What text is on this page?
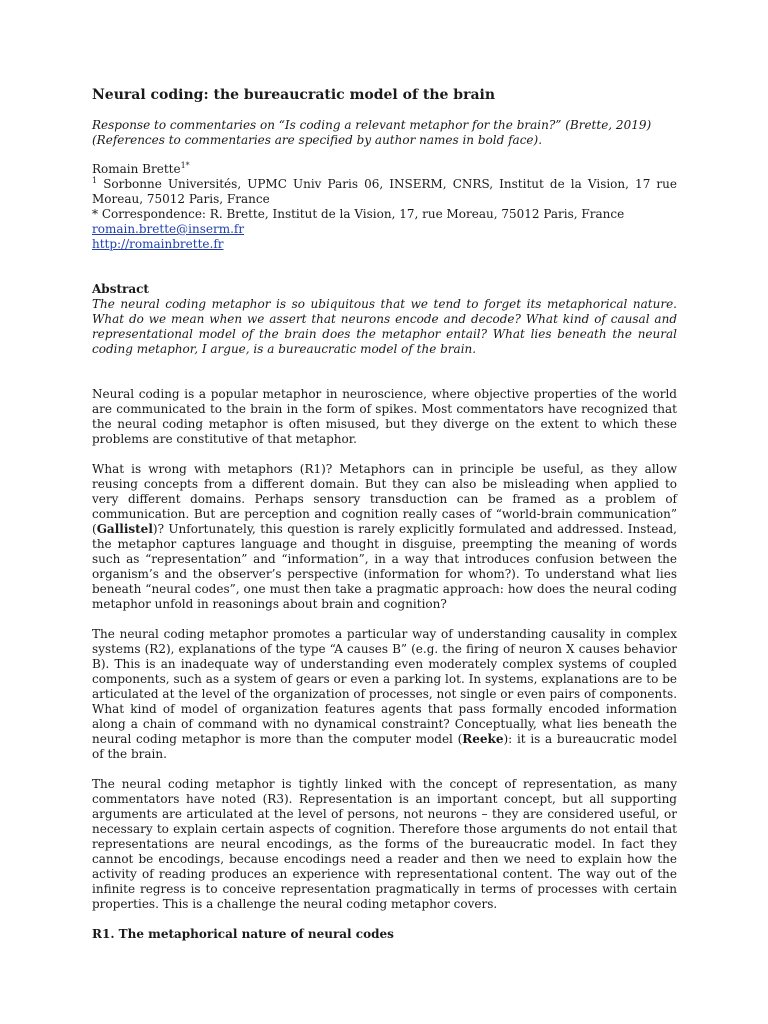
Neural coding: the bureaucratic model of the brain
Response to commentaries on “Is coding a relevant metaphor for the brain?” (Brette, 2019)
(References to commentaries are specified by author names in bold face).
Romain Brette$^{1*}$
$^1$ Sorbonne Universités, UPMC Univ Paris 06, INSERM, CNRS, Institut de la Vision, 17 rue Moreau, 75012 Paris, France
* Correspondence: R. Brette, Institut de la Vision, 17, rue Moreau, 75012 Paris, France
romain.brette@inserm.fr
http://romainbrette.fr
Abstract
The neural coding metaphor is so ubiquitous that we tend to forget its metaphorical nature. What do we mean when we assert that neurons encode and decode? What kind of causal and representational model of the brain does the metaphor entail? What lies beneath the neural coding metaphor, I argue, is a bureaucratic model of the brain.

Neural coding is a popular metaphor in neuroscience, where objective properties of the world are communicated to the brain in the form of spikes. Most commentators have recognized that the neural coding metaphor is often misused, but they diverge on the extent to which these problems are constitutive of that metaphor.

What is wrong with metaphors (R1)? Metaphors can in principle be useful, as they allow reusing concepts from a different domain. But they can also be misleading when applied to very different domains. Perhaps sensory transduction can be framed as a problem of communication. But are perception and cognition really cases of “world-brain communication” (Gallistel)? Unfortunately, this question is rarely explicitly formulated and addressed. Instead, the metaphor captures language and thought in disguise, preempting the meaning of words such as “representation” and “information”, in a way that introduces confusion between the organism’s and the observer’s perspective (information for whom?). To understand what lies beneath “neural codes”, one must then take a pragmatic approach: how does the neural coding metaphor unfold in reasonings about brain and cognition?

The neural coding metaphor promotes a particular way of understanding causality in complex systems (R2), explanations of the type “A causes B” (e.g. the firing of neuron X causes behavior B). This is an inadequate way of understanding even moderately complex systems of coupled components, such as a system of gears or even a parking lot. In systems, explanations are to be articulated at the level of the organization of processes, not single or even pairs of components. What kind of model of organization features agents that pass formally encoded information along a chain of command with no dynamical constraint? Conceptually, what lies beneath the neural coding metaphor is more than the computer model (Reeke): it is a bureaucratic model of the brain.

The neural coding metaphor is tightly linked with the concept of representation, as many commentators have noted (R3). Representation is an important concept, but all supporting arguments are articulated at the level of persons, not neurons – they are considered useful, or necessary to explain certain aspects of cognition. Therefore those arguments do not entail that representations are neural encodings, as the forms of the bureaucratic model. In fact they cannot be encodings, because encodings need a reader and then we need to explain how the activity of reading produces an experience with representational content. The way out of the infinite regress is to conceive representation pragmatically in terms of processes with certain properties. This is a challenge the neural coding metaphor covers.

R1. The metaphorical nature of neural codes
